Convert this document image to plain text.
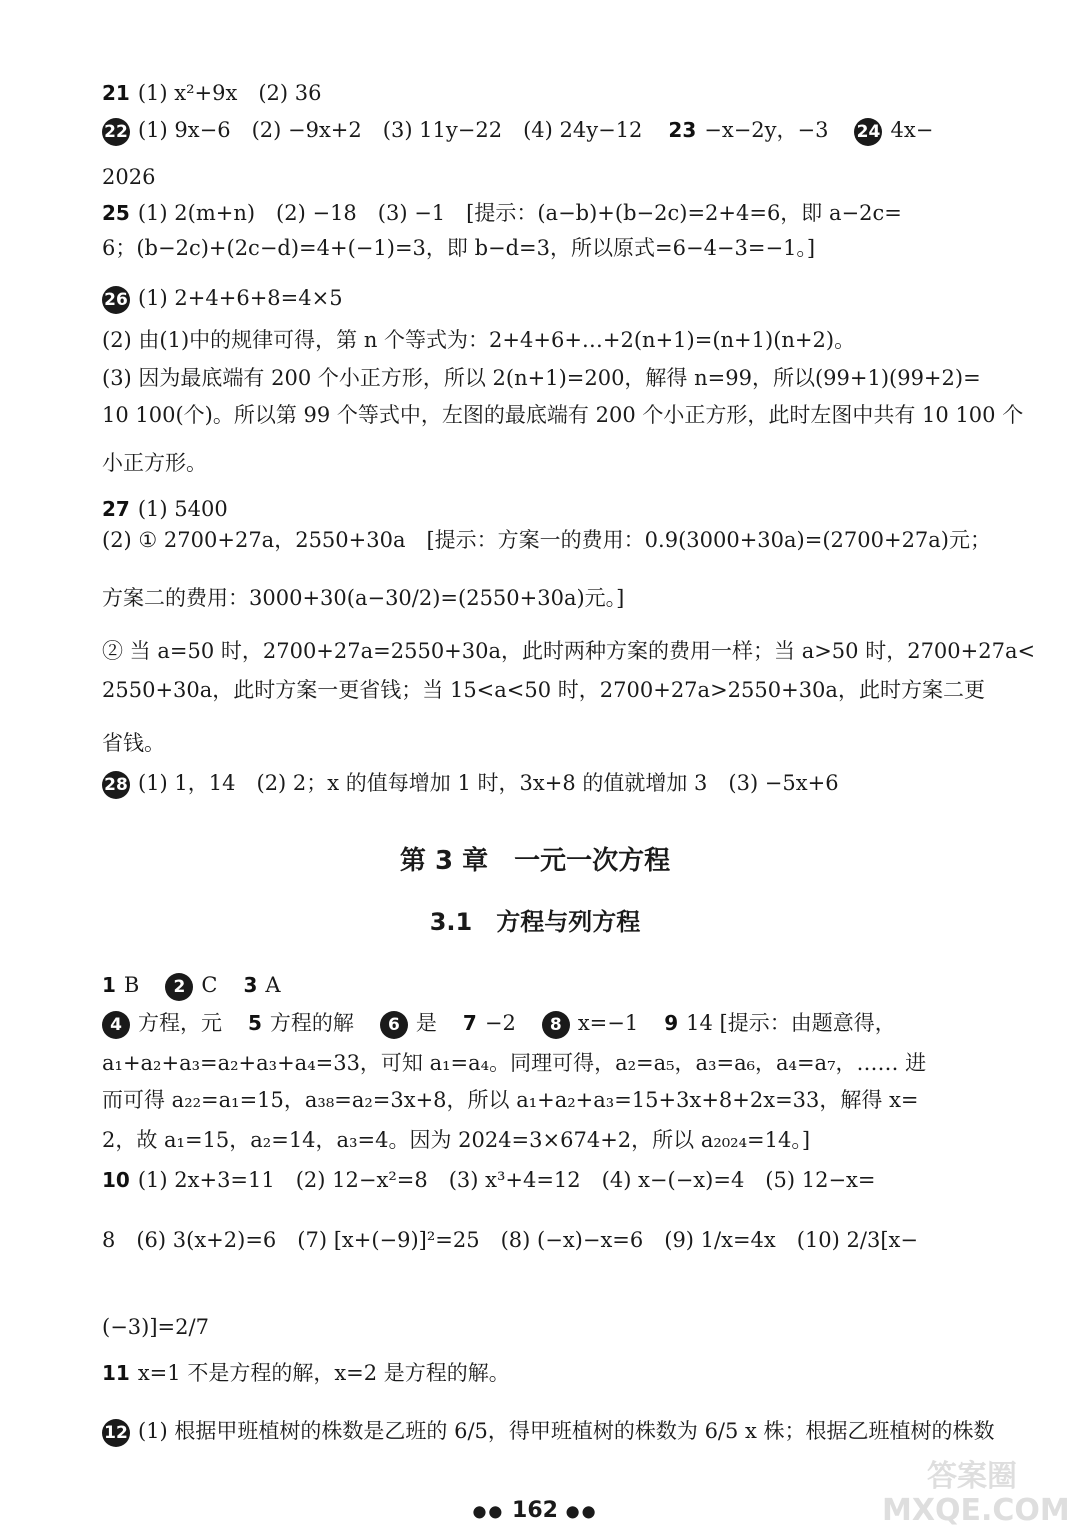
21 (1) x²+9x　(2) 36
22 (1) 9x−6　(2) −9x+2　(3) 11y−22　(4) 24y−12 23 −x−2y，−3 24 4x−
2026
25 (1) 2(m+n)　(2) −18　(3) −1　[提示：(a−b)+(b−2c)=2+4=6，即 a−2c=
6；(b−2c)+(2c−d)=4+(−1)=3，即 b−d=3，所以原式=6−4−3=−1。]
26 (1) 2+4+6+8=4×5
(2) 由(1)中的规律可得，第 n 个等式为：2+4+6+…+2(n+1)=(n+1)(n+2)。
(3) 因为最底端有 200 个小正方形，所以 2(n+1)=200，解得 n=99，所以(99+1)(99+2)=
10 100(个)。所以第 99 个等式中，左图的最底端有 200 个小正方形，此时左图中共有 10 100 个
小正方形。
27 (1) 5400
(2) ① 2700+27a，2550+30a　[提示：方案一的费用：0.9(3000+30a)=(2700+27a)元；
方案二的费用：3000+30(a−30/2)=(2550+30a)元。]
② 当 a=50 时，2700+27a=2550+30a，此时两种方案的费用一样；当 a>50 时，2700+27a<
2550+30a，此时方案一更省钱；当 15<a<50 时，2700+27a>2550+30a，此时方案二更
省钱。
28 (1) 1，14　(2) 2；x 的值每增加 1 时，3x+8 的值就增加 3　(3) −5x+6
第 3 章　一元一次方程
3.1　方程与列方程
1 B 2 C 3 A
4 方程，元 5 方程的解 6 是 7 −2 8 x=−1 9 14 [提示：由题意得，
a₁+a₂+a₃=a₂+a₃+a₄=33，可知 a₁=a₄。同理可得，a₂=a₅，a₃=a₆，a₄=a₇，…… 进
而可得 a₂₂=a₁=15，a₃₈=a₂=3x+8，所以 a₁+a₂+a₃=15+3x+8+2x=33，解得 x=
2，故 a₁=15，a₂=14，a₃=4。因为 2024=3×674+2，所以 a₂₀₂₄=14。]
10 (1) 2x+3=11　(2) 12−x²=8　(3) x³+4=12　(4) x−(−x)=4　(5) 12−x=
8　(6) 3(x+2)=6　(7) [x+(−9)]²=25　(8) (−x)−x=6　(9) 1/x=4x　(10) 2/3[x−
(−3)]=2/7
11 x=1 不是方程的解，x=2 是方程的解。
12 (1) 根据甲班植树的株数是乙班的 6/5，得甲班植树的株数为 6/5 x 株；根据乙班植树的株数
●● 162 ●●
答案圈
MXQE.COM
